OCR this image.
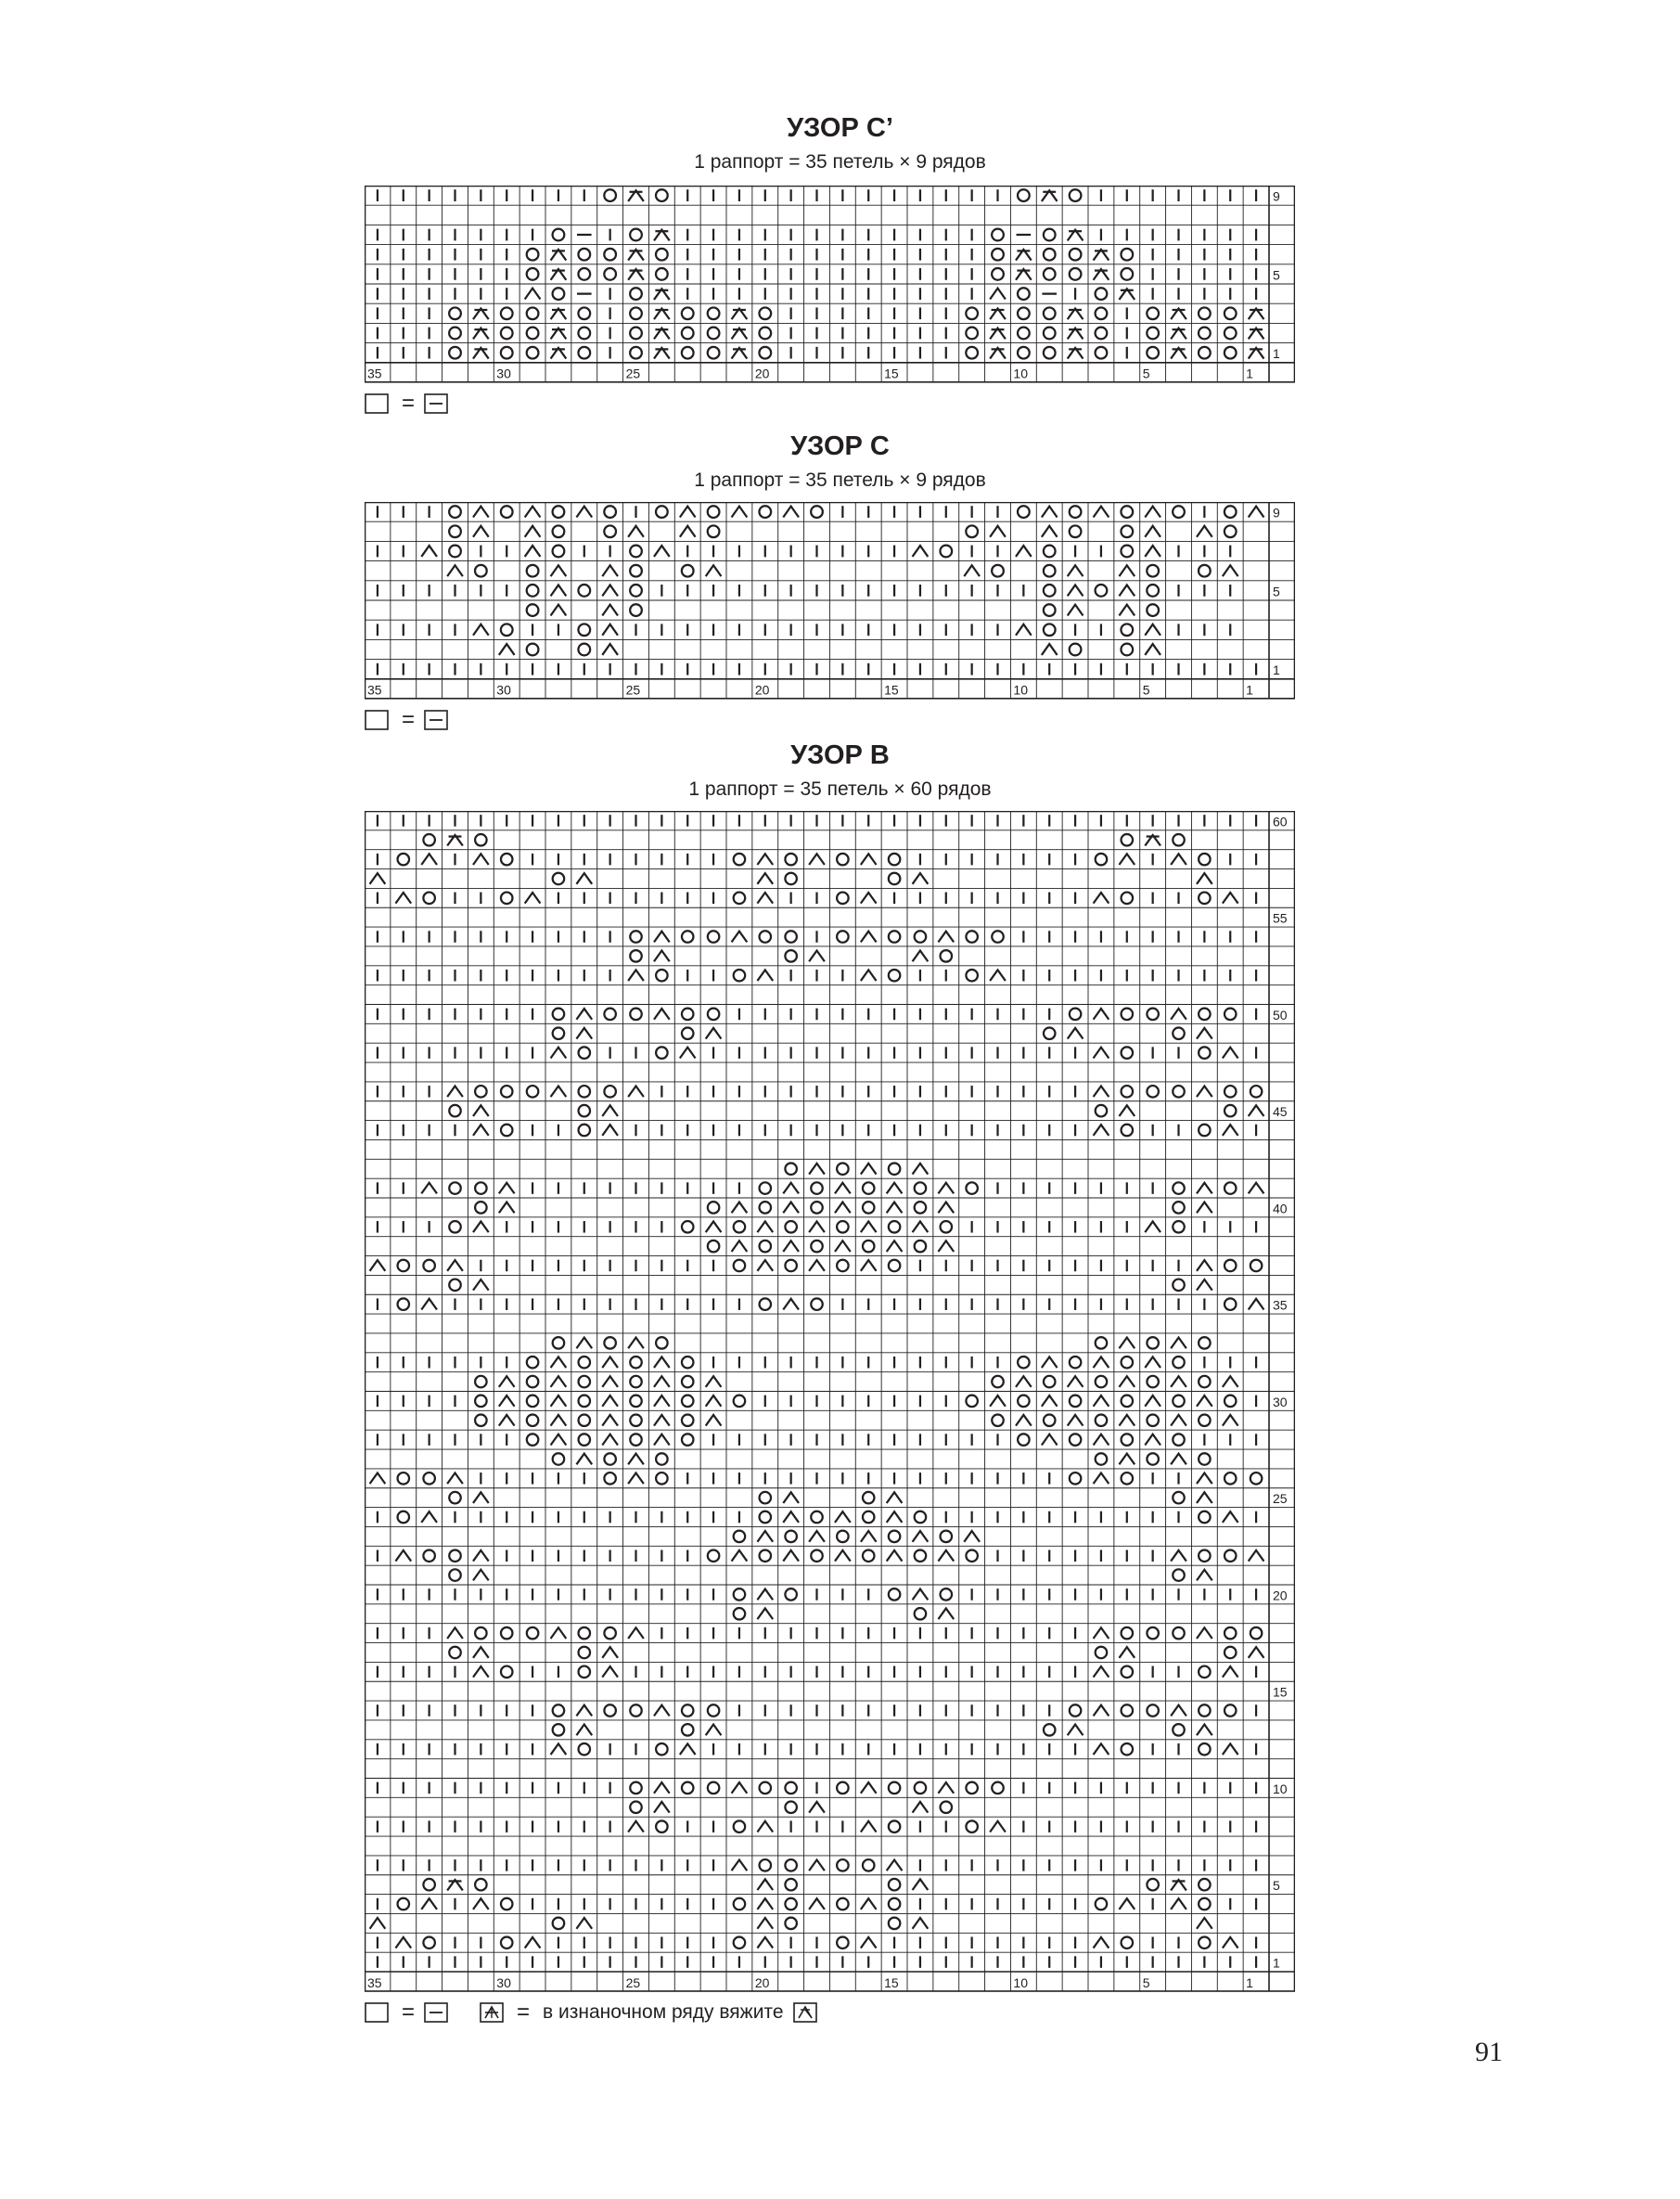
УЗОР С’
1 раппорт = 35 петель × 9 рядов
1
5
9
1
5
10
15
20
25
30
35
=
УЗОР С
1 раппорт = 35 петель × 9 рядов
1
5
9
1
5
10
15
20
25
30
35
=
УЗОР В
1 раппорт = 35 петель × 60 рядов
1
5
10
15
20
25
30
35
40
45
50
55
60
1
5
10
15
20
25
30
35
=	= в изнаночном ряду вяжите
91
